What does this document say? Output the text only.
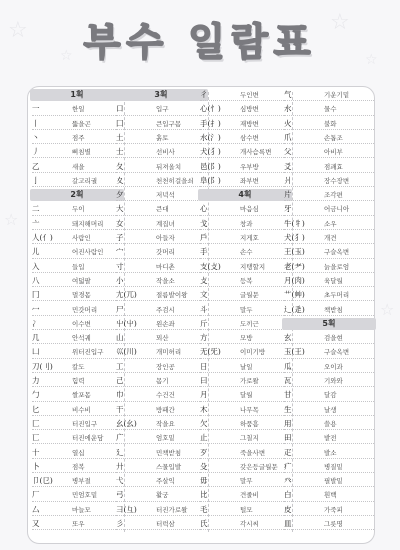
☆
☆
☆
☆
☆
☆
부수 일람표
1획
一	한일
丨	뚫을곤
丶	점주
丿	삐침별
乙	새을
亅	갈고리궐
2획
二	두이
亠	돼지해머리
人(亻)	사람인
儿	어진사람인
入	들입
八	여덟팔
冂	멀경몸
冖	민갓머리
冫	이수변
几	안석궤
凵	위터진입구
刀(刂)	칼도
力	힘력
勹	쌀포몸
匕	비수비
匚	터진입구
匸	터진에운담
十	열십
卜	점복
卩(㔾)	병부절
厂	민엄호밑
厶	마늘모
又	또우
3획
口	입구
囗	큰입구몸
土	흙토
士	선비사
夂	뒤져올치
夊	천천히걸을쇠
夕	저녁석
大	큰대
女	계집녀
子	아들자
宀	갓머리
寸	마디촌
小	작을소
尢(兀)	절름발이왕
尸	주검시
屮(屮)	왼손좌
山	뫼산
巛(川)	개미허리
工	장인공
己	몸기
巾	수건건
干	방패간
幺(幺)	작을요
广	엄호밑
廴	민책받침
廾	스물입발
弋	주살익
弓	활궁
彐(彑)	터진가로왈
彡	터럭삼
彳	두인변
心(忄)	심방변
手(扌)	재방변
水(氵)	삼수변
犬(犭)	개사슴록변
邑(阝)	우부방
阜(阝)	좌부변
4획
心	마음심
戈	창과
戶	지게호
手	손수
支(攴)	지탱할지
攴	등복
文	글월문
斗	말두
斤	도끼근
方	모방
无(旡)	이미기방
日	날일
曰	가로왈
月	달월
木	나무목
欠	하품흠
止	그칠지
歹	죽을사변
殳	갖은등글월문
毋	말무
比	견줄비
毛	털모
氏	각시씨
气	기운기밑
水	물수
火	불화
爪	손톱조
父	아비부
爻	점괘효
爿	장수장변
片	조각편
牙	어금니아
牛(牜)	소우
犬(犭)	개견
王(玉)	구슬옥변
老(耂)	늙을로엄
月(肉)	육달월
艹(艸)	초두머리
辶(辵)	책받침
5획
玄	검을현
玉(王)	구슬옥변
瓜	오이과
瓦	기와와
甘	달감
生	날생
用	쓸용
田	밭전
疋	발소
疒	병질밑
癶	필발밑
白	흰백
皮	가죽피
皿	그릇명
